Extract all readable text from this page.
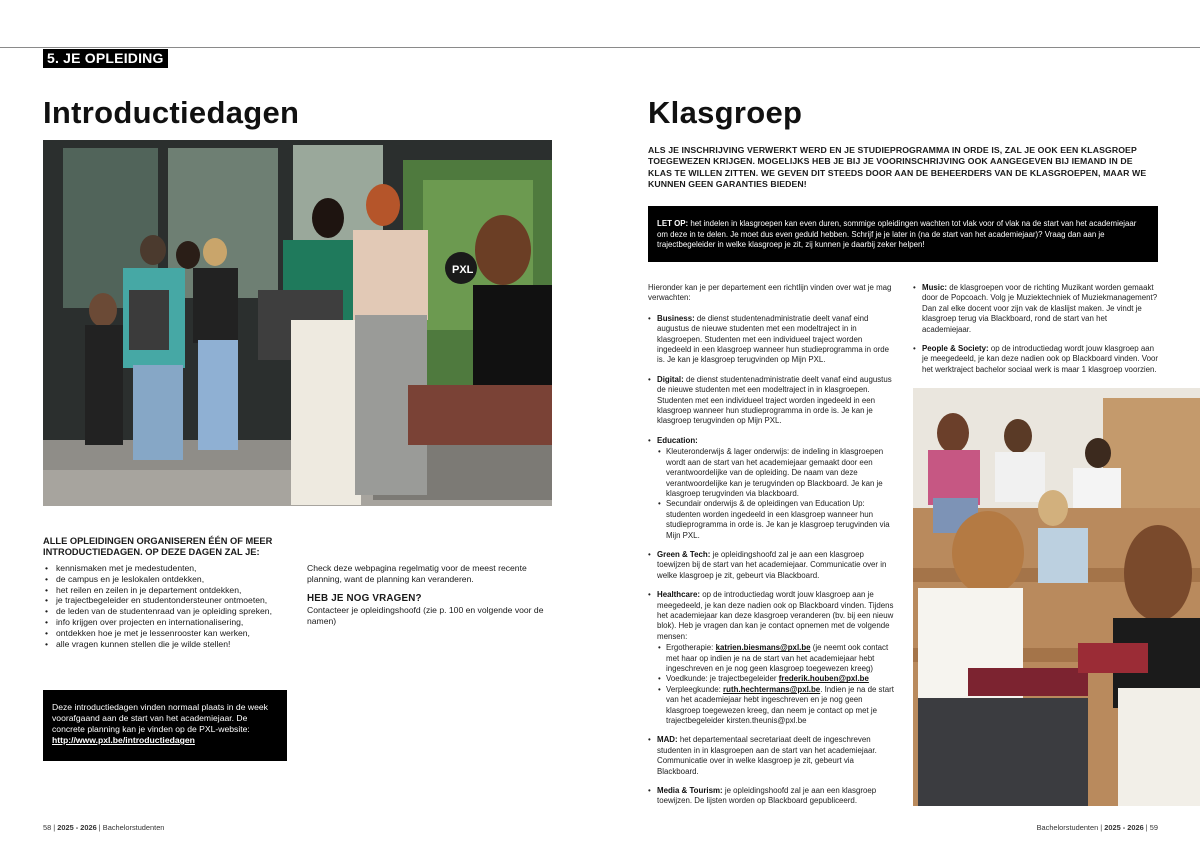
5. JE OPLEIDING
Introductiedagen
PXL
ALLE OPLEIDINGEN ORGANISEREN ÉÉN OF MEER INTRODUCTIEDAGEN. OP DEZE DAGEN ZAL JE:
• kennismaken met je medestudenten,
• de campus en je leslokalen ontdekken,
• het reilen en zeilen in je departement ontdekken,
• je trajectbegeleider en studentondersteuner ontmoeten,
• de leden van de studentenraad van je opleiding spreken,
• info krijgen over projecten en internationalisering,
• ontdekken hoe je met je lessenrooster kan werken,
• alle vragen kunnen stellen die je wilde stellen!

Check deze webpagina regelmatig voor de meest recente planning, want de planning kan veranderen.

HEB JE NOG VRAGEN?

Contacteer je opleidingshoofd (zie p. 100 en volgende voor de namen)

Deze introductiedagen vinden normaal plaats in de week voorafgaand aan de start van het academiejaar. De concrete planning kan je vinden op de PXL-website: http://www.pxl.be/introductiedagen
Klasgroep
ALS JE INSCHRIJVING VERWERKT WERD EN JE STUDIEPROGRAMMA IN ORDE IS, ZAL JE OOK EEN KLASGROEP TOEGEWEZEN KRIJGEN. MOGELIJKS HEB JE BIJ JE VOORINSCHRIJVING OOK AANGEGEVEN BIJ IEMAND IN DE KLAS TE WILLEN ZITTEN. WE GEVEN DIT STEEDS DOOR AAN DE BEHEERDERS VAN DE KLASGROEPEN, MAAR WE KUNNEN GEEN GARANTIES BIEDEN!
LET OP: het indelen in klasgroepen kan even duren, sommige opleidingen wachten tot vlak voor of vlak na de start van het academiejaar om deze in te delen. Je moet dus even geduld hebben. Schrijf je je later in (na de start van het academiejaar)? Vraag dan aan je trajectbegeleider in welke klasgroep je zit, zij kunnen je daarbij zeker helpen!

Hieronder kan je per departement een richtlijn vinden over wat je mag verwachten:

• Business: de dienst studentenadministratie deelt vanaf eind augustus de nieuwe studenten met een modeltraject in in klasgroepen. Studenten met een individueel traject worden ingedeeld in een klasgroep wanneer hun studieprogramma in orde is. Je kan je klasgroep terugvinden op Mijn PXL.
• Digital: de dienst studentenadministratie deelt vanaf eind augustus de nieuwe studenten met een modeltraject in in klasgroepen. Studenten met een individueel traject worden ingedeeld in een klasgroep wanneer hun studieprogramma in orde is. Je kan je klasgroep terugvinden op Mijn PXL.
• Education:
• Kleuteronderwijs & lager onderwijs: de indeling in klasgroepen wordt aan de start van het academiejaar gemaakt door een verantwoordelijke van de opleiding. De naam van deze verantwoordelijke kan je terugvinden op Blackboard. Je kan je klasgroep terugvinden via blackboard.
• Secundair onderwijs & de opleidingen van Education Up: studenten worden ingedeeld in een klasgroep wanneer hun studieprogramma in orde is. Je kan je klasgroep terugvinden via Mijn PXL.
• Green & Tech: je opleidingshoofd zal je aan een klasgroep toewijzen bij de start van het academiejaar. Communicatie over in welke klasgroep je zit, gebeurt via Blackboard.
• Healthcare: op de introductiedag wordt jouw klasgroep aan je meegedeeld, je kan deze nadien ook op Blackboard vinden. Tijdens het academiejaar kan deze klasgroep veranderen (bv. bij een nieuw blok). Heb je vragen dan kan je contact opnemen met de volgende mensen:
• Ergotherapie: katrien.biesmans@pxl.be (je neemt ook contact met haar op indien je na de start van het academiejaar hebt ingeschreven en je nog geen klasgroep toegewezen kreeg)
• Voedkunde: je trajectbegeleider frederik.houben@pxl.be
• Verpleegkunde: ruth.hechtermans@pxl.be. Indien je na de start van het academiejaar hebt ingeschreven en je nog geen klasgroep toegewezen kreeg, dan neem je contact op met je trajectbegeleider kirsten.theunis@pxl.be
• MAD: het departementaal secretariaat deelt de ingeschreven studenten in in klasgroepen aan de start van het academiejaar. Communicatie over in welke klasgroep je zit, gebeurt via Blackboard.
• Media & Tourism: je opleidingshoofd zal je aan een klasgroep toewijzen. De lijsten worden op Blackboard gepubliceerd.
• Music: de klasgroepen voor de richting Muzikant worden gemaakt door de Popcoach. Volg je Muziektechniek of Muziekmanagement? Dan zal elke docent voor zijn vak de klaslijst maken. Je vindt je klasgroep terug via Blackboard, rond de start van het academiejaar.
• People & Society: op de introductiedag wordt jouw klasgroep aan je meegedeeld, je kan deze nadien ook op Blackboard vinden. Voor het werktraject bachelor sociaal werk is maar 1 klasgroep voorzien.
58 | 2025 - 2026 | Bachelorstudenten	Bachelorstudenten | 2025 - 2026 | 59
